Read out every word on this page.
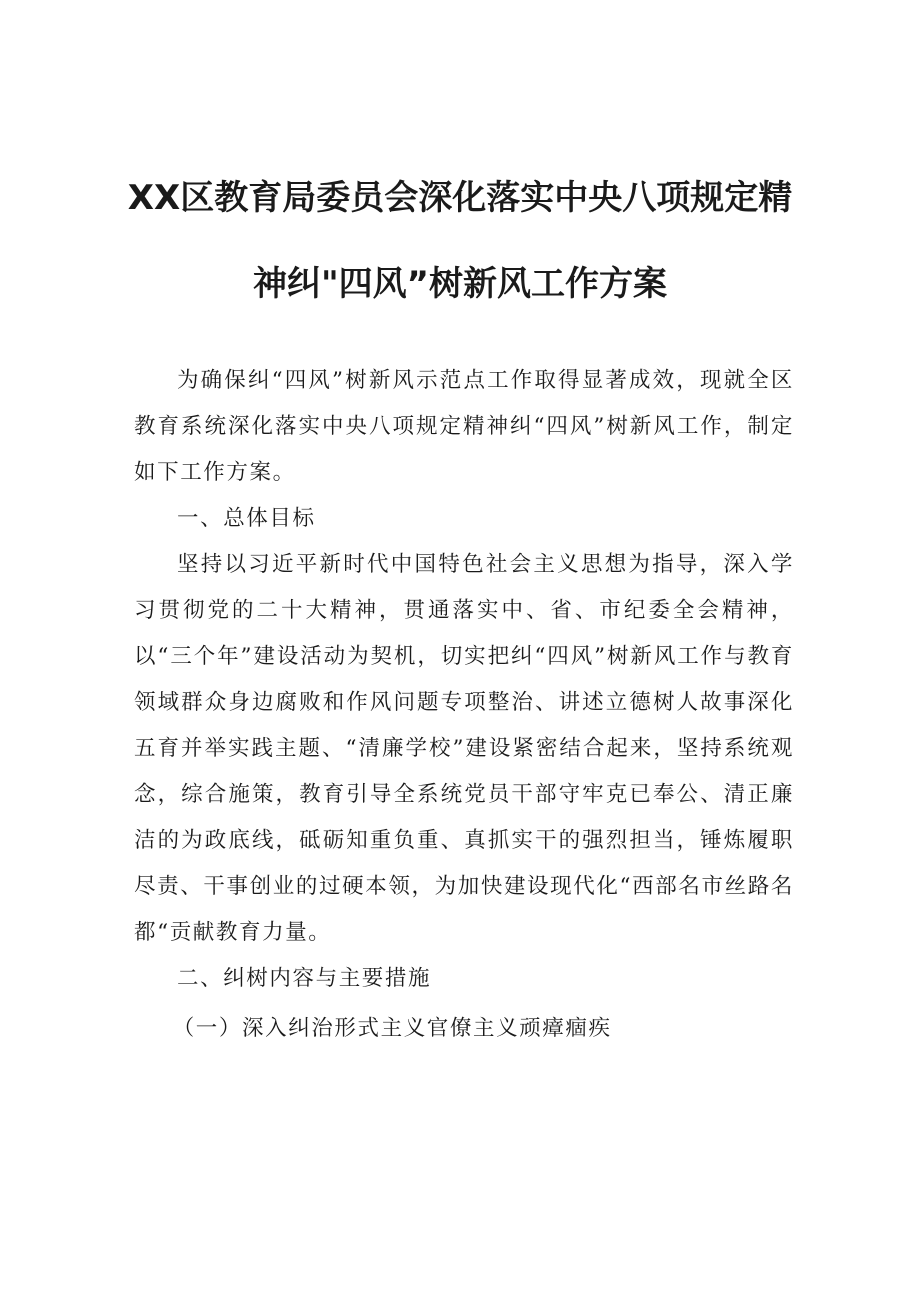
XX区教育局委员会深化落实中央八项规定精
神纠"四风”树新风工作方案

为确保纠“四风”树新风示范点工作取得显著成效，现就全区教育系统深化落实中央八项规定精神纠“四风”树新风工作，制定如下工作方案。

一、总体目标

坚持以习近平新时代中国特色社会主义思想为指导，深入学习贯彻党的二十大精神，贯通落实中、省、市纪委全会精神，以“三个年”建设活动为契机，切实把纠“四风”树新风工作与教育领域群众身边腐败和作风问题专项整治、讲述立德树人故事深化五育并举实践主题、“清廉学校”建设紧密结合起来，坚持系统观念，综合施策，教育引导全系统党员干部守牢克已奉公、清正廉洁的为政底线，砥砺知重负重、真抓实干的强烈担当，锤炼履职尽责、干事创业的过硬本领，为加快建设现代化“西部名市丝路名都“贡献教育力量。

二、纠树内容与主要措施

（一）深入纠治形式主义官僚主义顽瘴痼疾
